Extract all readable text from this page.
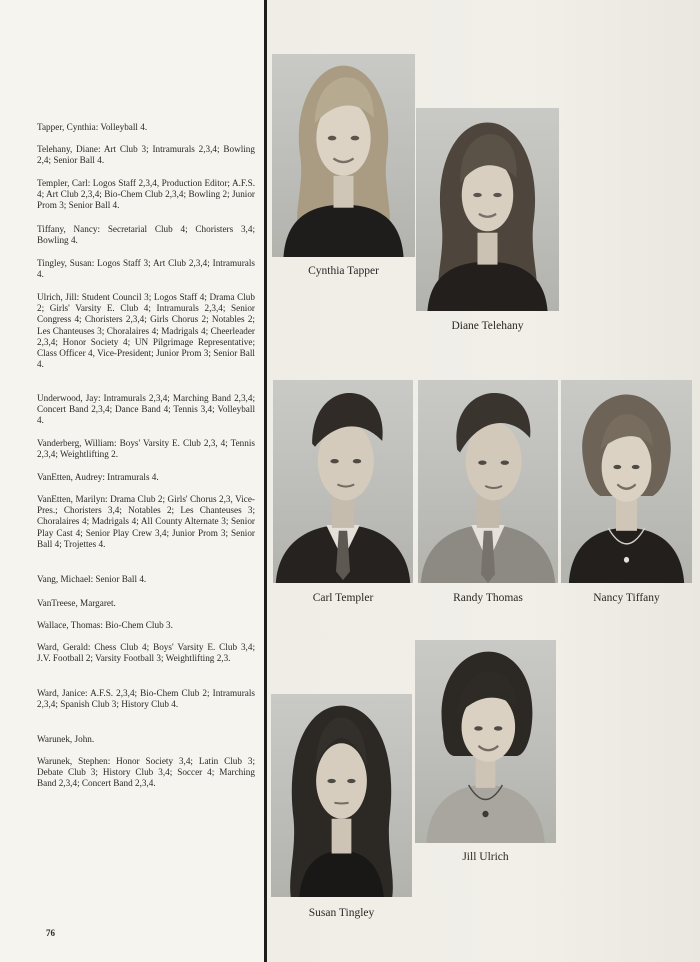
Tapper, Cynthia: Volleyball 4.
Telehany, Diane: Art Club 3; Intramurals 2,3,4; Bowling 2,4; Senior Ball 4.
Templer, Carl: Logos Staff 2,3,4, Production Editor; A.F.S. 4; Art Club 2,3,4; Bio-Chem Club 2,3,4; Bowling 2; Junior Prom 3; Senior Ball 4.
Tiffany, Nancy: Secretarial Club 4; Choristers 3,4; Bowling 4.
Tingley, Susan: Logos Staff 3; Art Club 2,3,4; Intramurals 4.
Ulrich, Jill: Student Council 3; Logos Staff 4; Drama Club 2; Girls' Varsity E. Club 4; Intramurals 2,3,4; Senior Congress 4; Choristers 2,3,4; Girls Chorus 2; Notables 2; Les Chanteuses 3; Choralaires 4; Madrigals 4; Cheerleader 2,3,4; Honor Society 4; UN Pilgrimage Representative; Class Officer 4, Vice-President; Junior Prom 3; Senior Ball 4.
Underwood, Jay: Intramurals 2,3,4; Marching Band 2,3,4; Concert Band 2,3,4; Dance Band 4; Tennis 3,4; Volleyball 4.
Vanderberg, William: Boys' Varsity E. Club 2,3, 4; Tennis 2,3,4; Weightlifting 2.
VanEtten, Audrey: Intramurals 4.
VanEtten, Marilyn: Drama Club 2; Girls' Chorus 2,3, Vice-Pres.; Choristers 3,4; Notables 2; Les Chanteuses 3; Choralaires 4; Madrigals 4; All County Alternate 3; Senior Play Cast 4; Senior Play Crew 3,4; Junior Prom 3; Senior Ball 4; Trojettes 4.
Vang, Michael: Senior Ball 4.
VanTreese, Margaret.
Wallace, Thomas: Bio-Chem Club 3.
Ward, Gerald: Chess Club 4; Boys' Varsity E. Club 3,4; J.V. Football 2; Varsity Football 3; Weightlifting 2,3.
Ward, Janice: A.F.S. 2,3,4; Bio-Chem Club 2; Intramurals 2,3,4; Spanish Club 3; History Club 4.
Warunek, John.
Warunek, Stephen: Honor Society 3,4; Latin Club 3; Debate Club 3; History Club 3,4; Soccer 4; Marching Band 2,3,4; Concert Band 2,3,4.
76
Cynthia Tapper
Diane Telehany
Carl Templer	Randy Thomas	Nancy Tiffany
Susan Tingley
Jill Ulrich
